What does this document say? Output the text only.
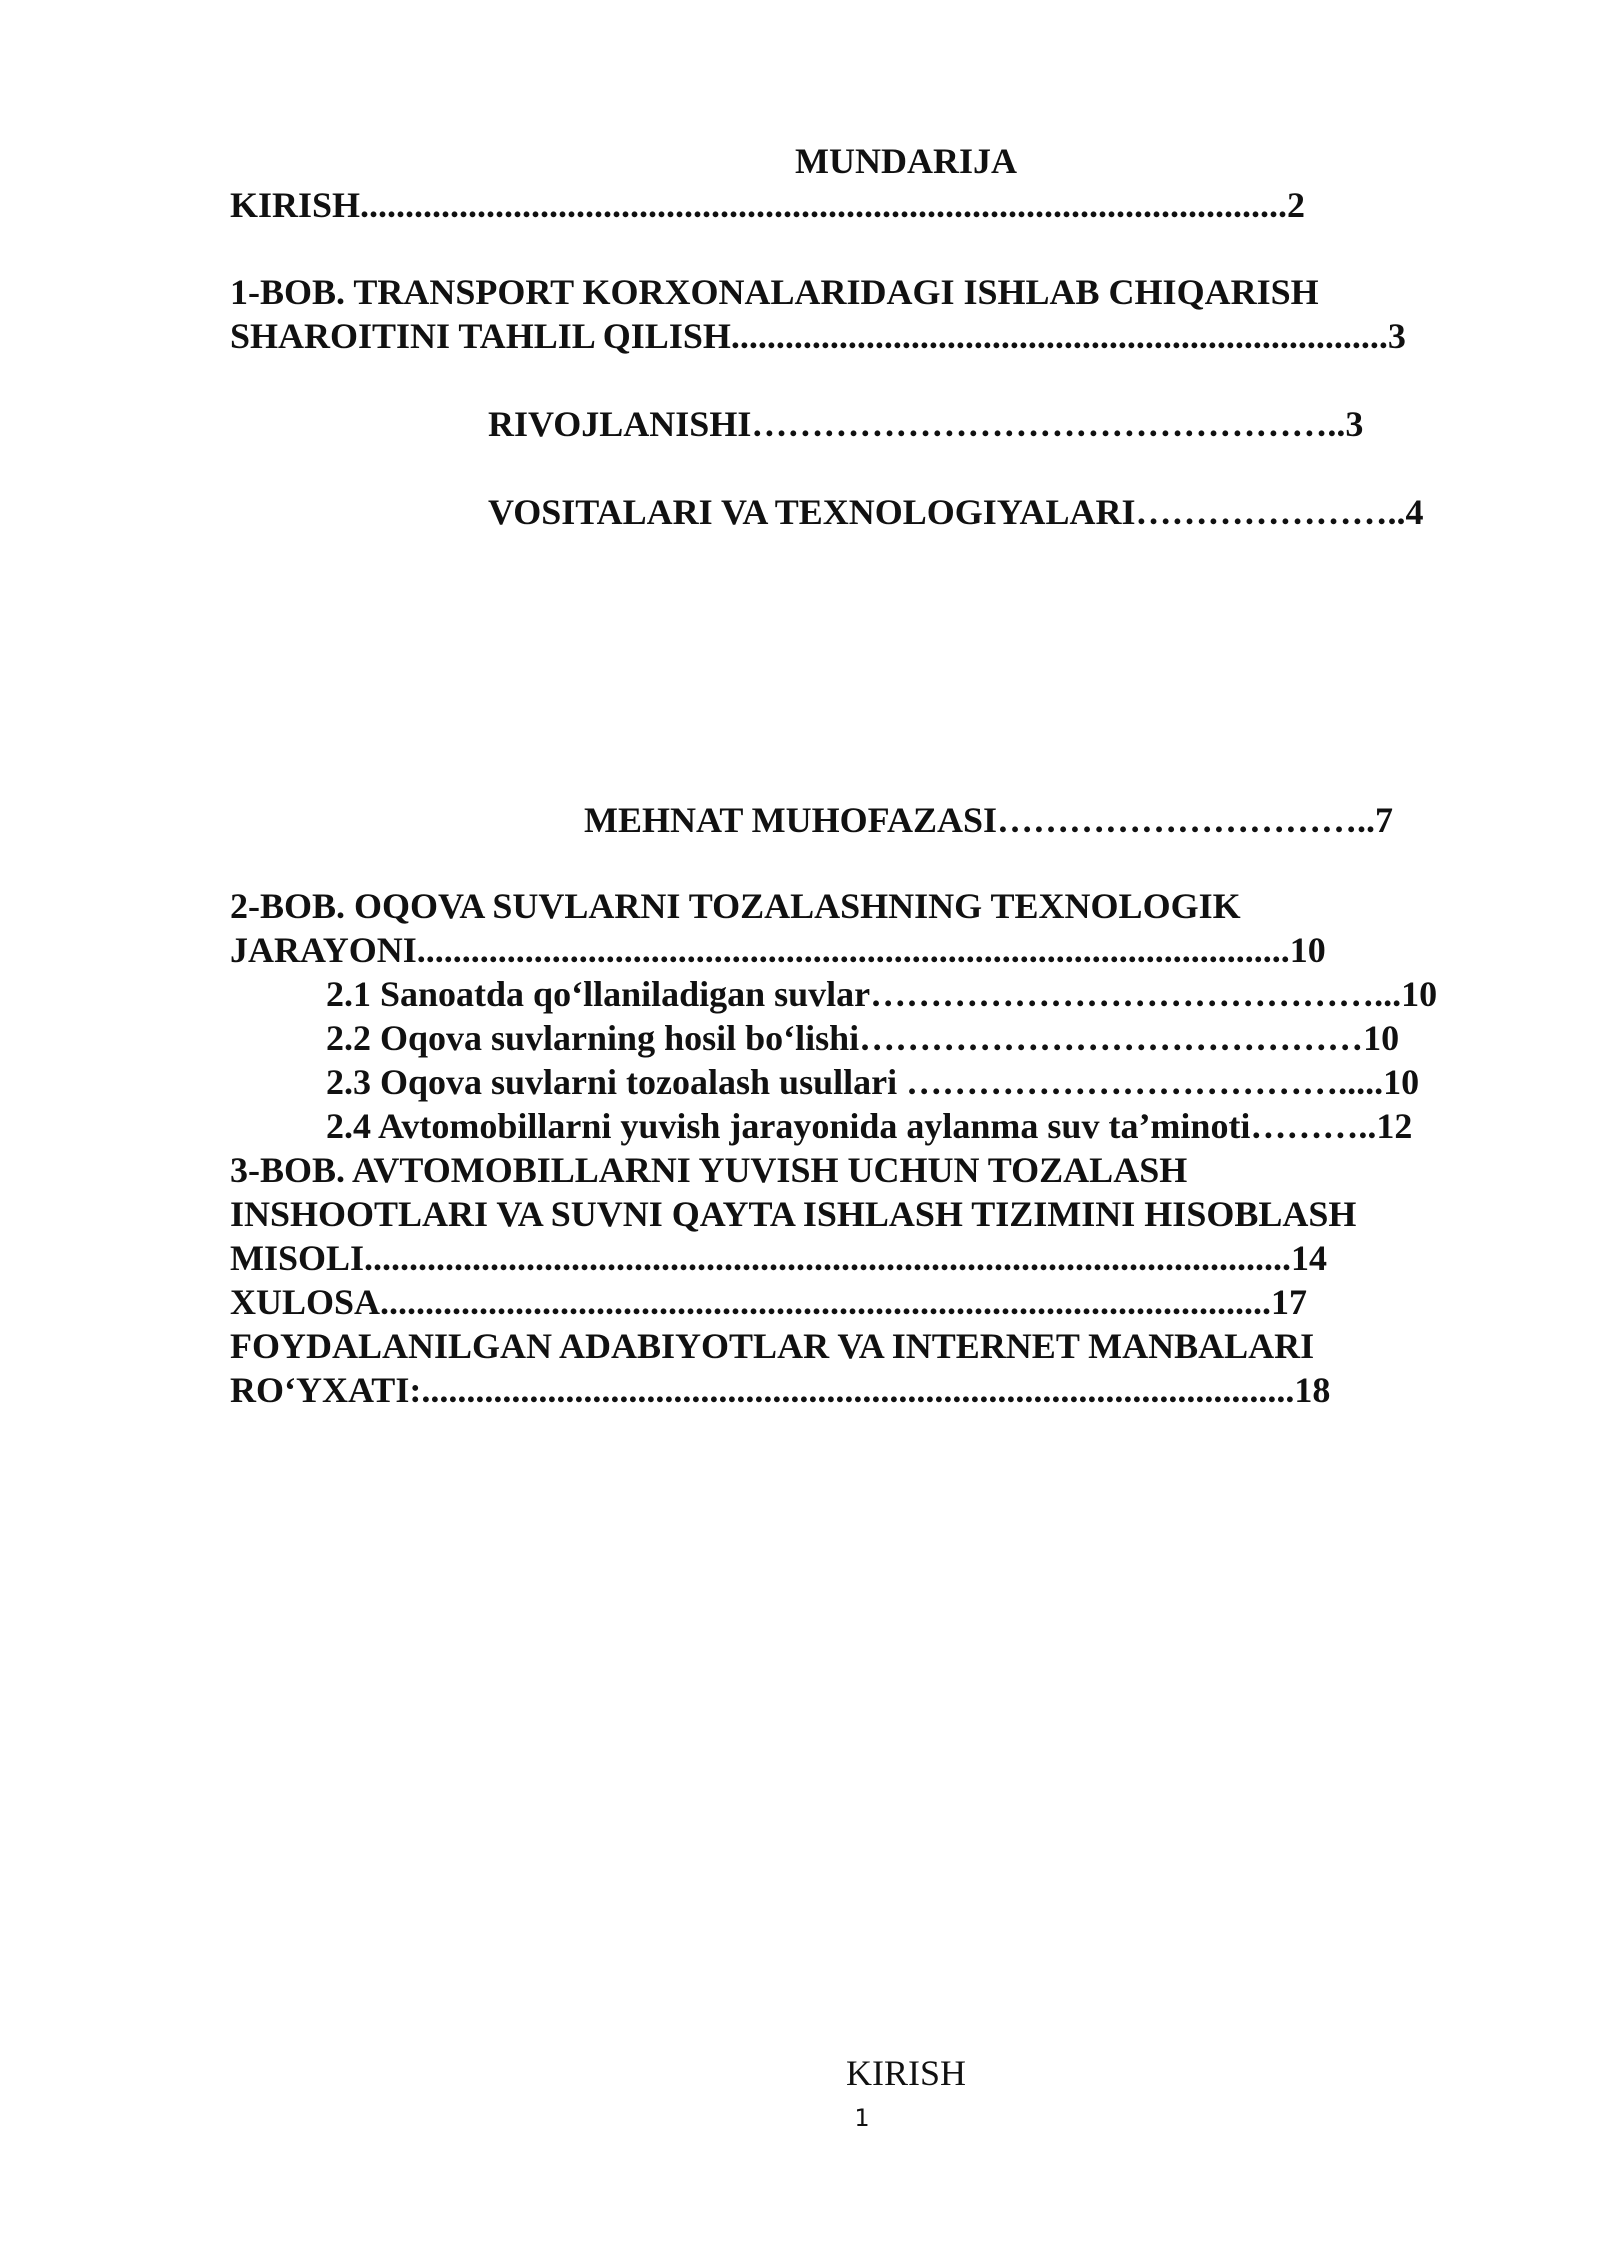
MUNDARIJA
KIRISH.......................................................................................................2
1-BOB. TRANSPORT KORXONALARIDAGI ISHLAB CHIQARISH
SHAROITINI TAHLIL QILISH.........................................................................3
RIVOJLANISHI…………………………………………..3
VOSITALARI VA TEXNOLOGIYALARI…………………..4
MEHNAT MUHOFAZASI…………………………..7
2-BOB. OQOVA SUVLARNI TOZALASHNING TEXNOLOGIK
JARAYONI.................................................................................................10
2.1 Sanoatda qoʻllaniladigan suvlar……………………………………...10
2.2 Oqova suvlarning hosil boʻlishi……………………………………10
2.3 Oqova suvlarni tozoalash usullari ……………………………….....10
2.4 Avtomobillarni yuvish jarayonida aylanma suv ta’minoti………..12
3-BOB. AVTOMOBILLARNI YUVISH UCHUN TOZALASH
INSHOOTLARI VA SUVNI QAYTA ISHLASH TIZIMINI HISOBLASH
MISOLI.......................................................................................................14
XULOSA...................................................................................................17
FOYDALANILGAN ADABIYOTLAR VA INTERNET MANBALARI
ROʻYXATI:.................................................................................................18
KIRISH
1
